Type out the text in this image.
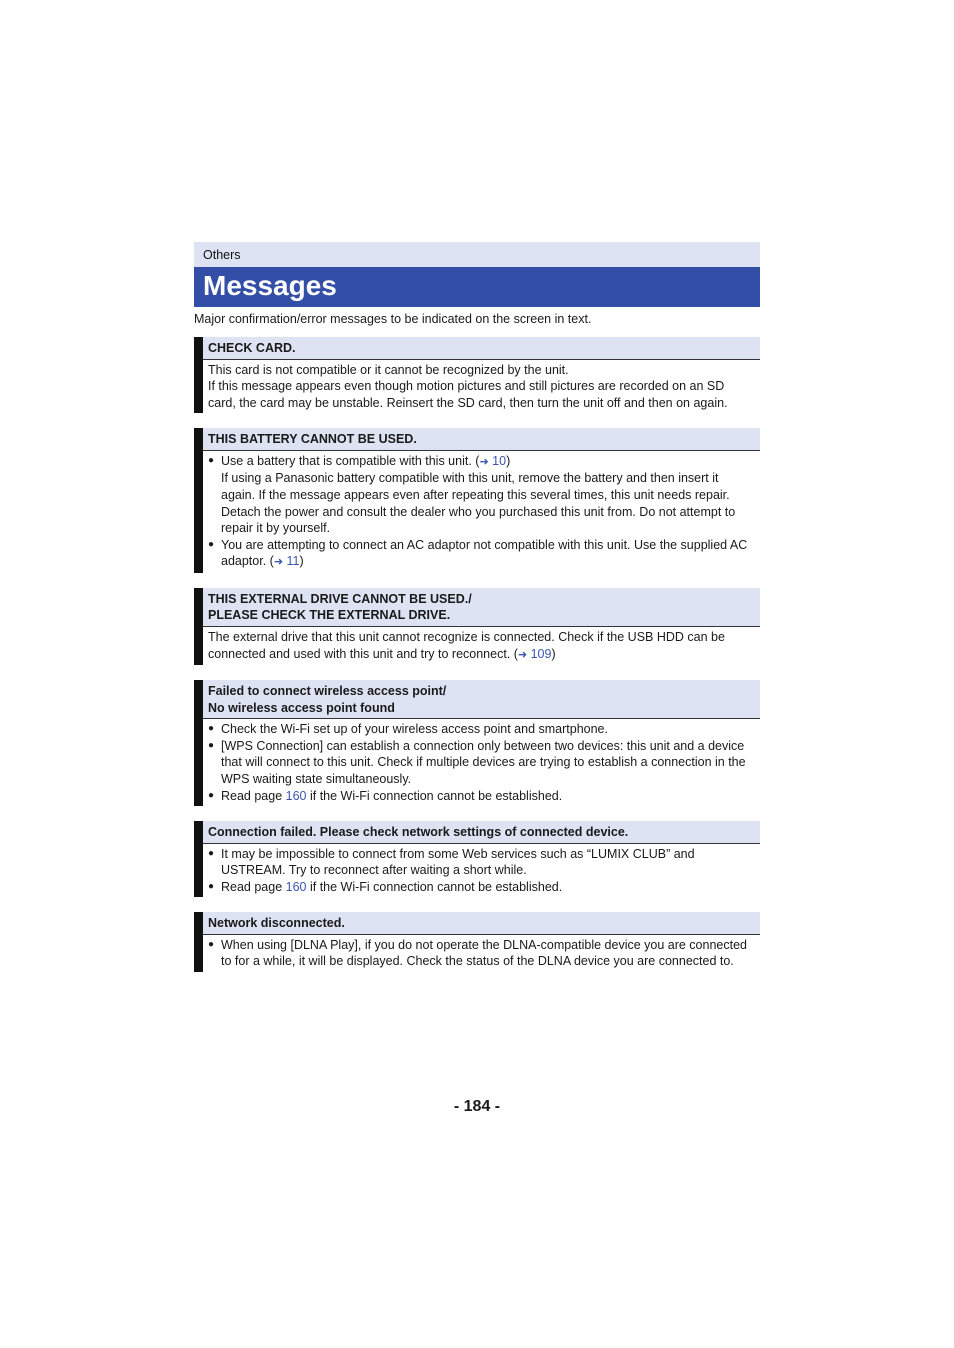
Others
Messages
Major confirmation/error messages to be indicated on the screen in text.
CHECK CARD.

This card is not compatible or it cannot be recognized by the unit.

If this message appears even though motion pictures and still pictures are recorded on an SD card, the card may be unstable. Reinsert the SD card, then turn the unit off and then on again.

THIS BATTERY CANNOT BE USED.
● Use a battery that is compatible with this unit. (➜ 10)
If using a Panasonic battery compatible with this unit, remove the battery and then insert it again. If the message appears even after repeating this several times, this unit needs repair. Detach the power and consult the dealer who you purchased this unit from. Do not attempt to repair it by yourself.
● You are attempting to connect an AC adaptor not compatible with this unit. Use the supplied AC adaptor. (➜ 11)
THIS EXTERNAL DRIVE CANNOT BE USED./
PLEASE CHECK THE EXTERNAL DRIVE.

The external drive that this unit cannot recognize is connected. Check if the USB HDD can be connected and used with this unit and try to reconnect. (➜ 109)

Failed to connect wireless access point/
No wireless access point found
● Check the Wi-Fi set up of your wireless access point and smartphone.
● [WPS Connection] can establish a connection only between two devices: this unit and a device that will connect to this unit. Check if multiple devices are trying to establish a connection in the WPS waiting state simultaneously.
● Read page 160 if the Wi-Fi connection cannot be established.
Connection failed. Please check network settings of connected device.
● It may be impossible to connect from some Web services such as “LUMIX CLUB” and USTREAM. Try to reconnect after waiting a short while.
● Read page 160 if the Wi-Fi connection cannot be established.
Network disconnected.
● When using [DLNA Play], if you do not operate the DLNA-compatible device you are connected to for a while, it will be displayed. Check the status of the DLNA device you are connected to.
- 184 -
